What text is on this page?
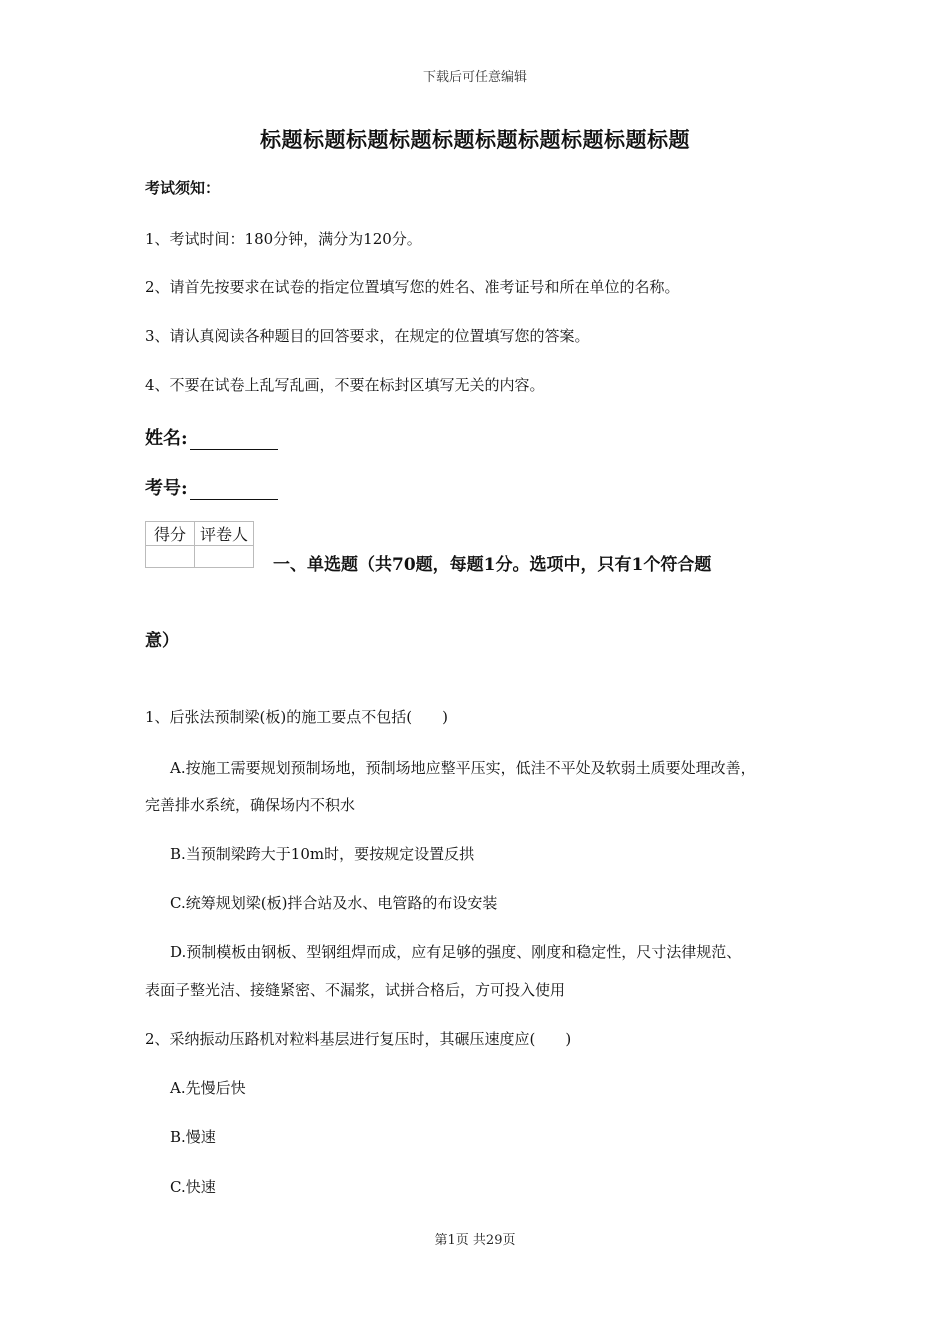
下载后可任意编辑
标题标题标题标题标题标题标题标题标题标题
考试须知：
1、考试时间：180分钟，满分为120分。
2、请首先按要求在试卷的指定位置填写您的姓名、准考证号和所在单位的名称。
3、请认真阅读各种题目的回答要求，在规定的位置填写您的答案。
4、不要在试卷上乱写乱画，不要在标封区填写无关的内容。
姓名:
考号:
得分	评卷人

一、单选题（共70题，每题1分。选项中，只有1个符合题
意）
1、后张法预制梁(板)的施工要点不包括(　　)
A.按施工需要规划预制场地，预制场地应整平压实，低洼不平处及软弱土质要处理改善，
完善排水系统，确保场内不积水
B.当预制梁跨大于10m时，要按规定设置反拱
C.统筹规划梁(板)拌合站及水、电管路的布设安装
D.预制模板由钢板、型钢组焊而成，应有足够的强度、刚度和稳定性，尺寸法律规范、
表面子整光洁、接缝紧密、不漏浆，试拼合格后，方可投入使用
2、采纳振动压路机对粒料基层进行复压时，其碾压速度应(　　)
A.先慢后快
B.慢速
C.快速
第1页 共29页
